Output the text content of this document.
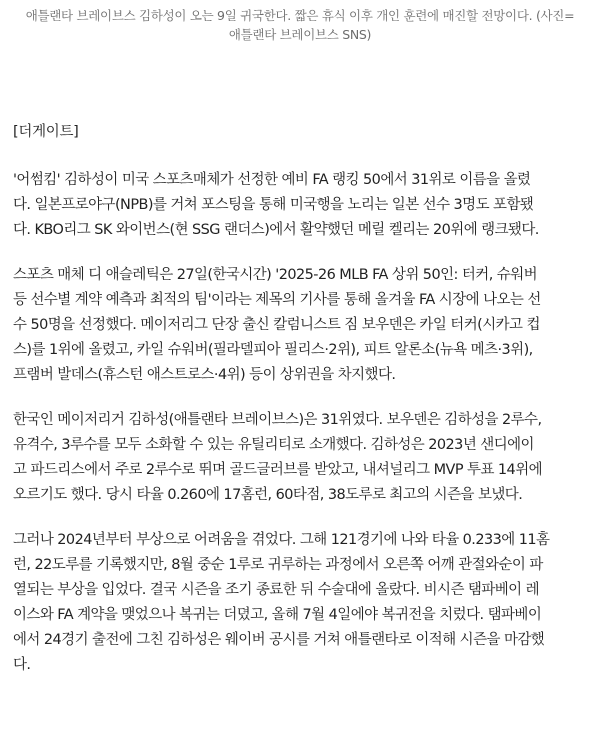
애틀랜타 브레이브스 김하성이 오는 9일 귀국한다. 짧은 휴식 이후 개인 훈련에 매진할 전망이다. (사진=
애틀랜타 브레이브스 SNS)
[더게이트]
'어썸킴' 김하성이 미국 스포츠매체가 선정한 예비 FA 랭킹 50에서 31위로 이름을 올렸
다. 일본프로야구(NPB)를 거쳐 포스팅을 통해 미국행을 노리는 일본 선수 3명도 포함됐
다. KBO리그 SK 와이번스(현 SSG 랜더스)에서 활약했던 메릴 켈리는 20위에 랭크됐다.
스포츠 매체 디 애슬레틱은 27일(한국시간) '2025-26 MLB FA 상위 50인: 터커, 슈워버
등 선수별 계약 예측과 최적의 팀'이라는 제목의 기사를 통해 올겨울 FA 시장에 나오는 선
수 50명을 선정했다. 메이저리그 단장 출신 칼럼니스트 짐 보우덴은 카일 터커(시카고 컵
스)를 1위에 올렸고, 카일 슈워버(필라델피아 필리스·2위), 피트 알론소(뉴욕 메츠·3위),
프램버 발데스(휴스턴 애스트로스·4위) 등이 상위권을 차지했다.
한국인 메이저리거 김하성(애틀랜타 브레이브스)은 31위였다. 보우덴은 김하성을 2루수,
유격수, 3루수를 모두 소화할 수 있는 유틸리티로 소개했다. 김하성은 2023년 샌디에이
고 파드리스에서 주로 2루수로 뛰며 골드글러브를 받았고, 내셔널리그 MVP 투표 14위에
오르기도 했다. 당시 타율 0.260에 17홈런, 60타점, 38도루로 최고의 시즌을 보냈다.
그러나 2024년부터 부상으로 어려움을 겪었다. 그해 121경기에 나와 타율 0.233에 11홈
런, 22도루를 기록했지만, 8월 중순 1루로 귀루하는 과정에서 오른쪽 어깨 관절와순이 파
열되는 부상을 입었다. 결국 시즌을 조기 종료한 뒤 수술대에 올랐다. 비시즌 탬파베이 레
이스와 FA 계약을 맺었으나 복귀는 더뎠고, 올해 7월 4일에야 복귀전을 치렀다. 탬파베이
에서 24경기 출전에 그친 김하성은 웨이버 공시를 거쳐 애틀랜타로 이적해 시즌을 마감했
다.
